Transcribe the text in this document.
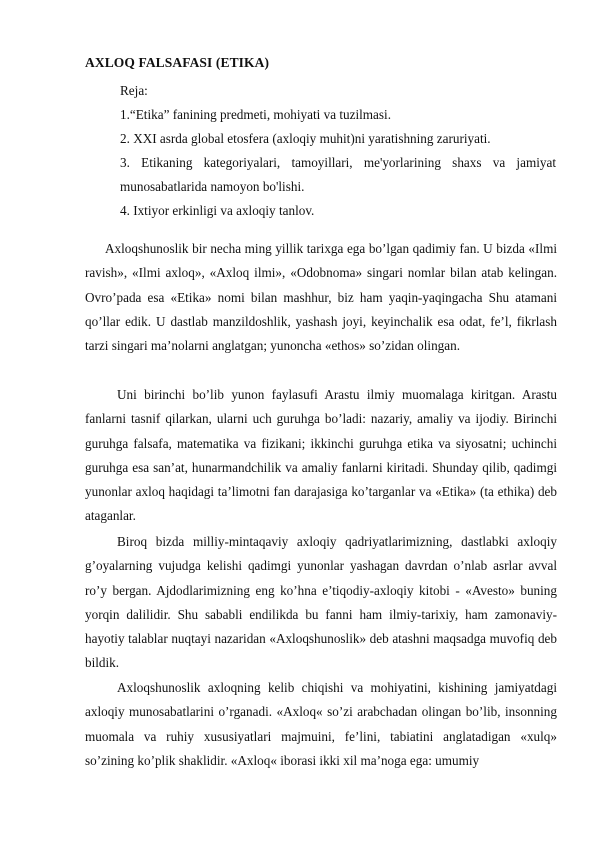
AXLOQ FALSAFASI (ETIKA)
Reja:
1.“Etika” fanining predmeti, mohiyati va tuzilmasi.
2. XXI asrda global etosfera (axloqiy muhit)ni yaratishning zaruriyati.
3. Etikaning kategoriyalari, tamoyillari, me'yorlarining shaxs va jamiyat
munosabatlarida namoyon bo'lishi.
4. Ixtiyor erkinligi va axloqiy tanlov.

Axloqshunoslik bir necha ming yillik tarixga ega bo’lgan qadimiy fan. U bizda «Ilmi ravish», «Ilmi axloq», «Axloq ilmi», «Odobnoma» singari nomlar bilan atab kelingan. Ovro’pada esa «Etika» nomi bilan mashhur, biz ham yaqin-yaqingacha Shu atamani qo’llar edik. U dastlab manzildoshlik, yashash joyi, keyinchalik esa odat, fe’l, fikrlash tarzi singari ma’nolarni anglatgan; yunoncha «ethos» so’zidan olingan.

Uni birinchi bo’lib yunon faylasufi Arastu ilmiy muomalaga kiritgan. Arastu fanlarni tasnif qilarkan, ularni uch guruhga bo’ladi: nazariy, amaliy va ijodiy. Birinchi guruhga falsafa, matematika va fizikani; ikkinchi guruhga etika va siyosatni; uchinchi guruhga esa san’at, hunarmandchilik va amaliy fanlarni kiritadi. Shunday qilib, qadimgi yunonlar axloq haqidagi ta’limotni fan darajasiga ko’targanlar va «Etika» (ta ethika) deb ataganlar.

Biroq bizda milliy-mintaqaviy axloqiy qadriyatlarimizning, dastlabki axloqiy g’oyalarning vujudga kelishi qadimgi yunonlar yashagan davrdan o’nlab asrlar avval ro’y bergan. Ajdodlarimizning eng ko’hna e’tiqodiy-axloqiy kitobi - «Avesto» buning yorqin dalilidir. Shu sababli endilikda bu fanni ham ilmiy-tarixiy, ham zamonaviy-hayotiy talablar nuqtayi nazaridan «Axloqshunoslik» deb atashni maqsadga muvofiq deb bildik.

Axloqshunoslik axloqning kelib chiqishi va mohiyatini, kishining jamiyatdagi axloqiy munosabatlarini o’rganadi. «Axloq« so’zi arabchadan olingan bo’lib, insonning muomala va ruhiy xususiyatlari majmuini, fe’lini, tabiatini anglatadigan «xulq» so’zining ko’plik shaklidir. «Axloq« iborasi ikki xil ma’noga ega: umumiy
